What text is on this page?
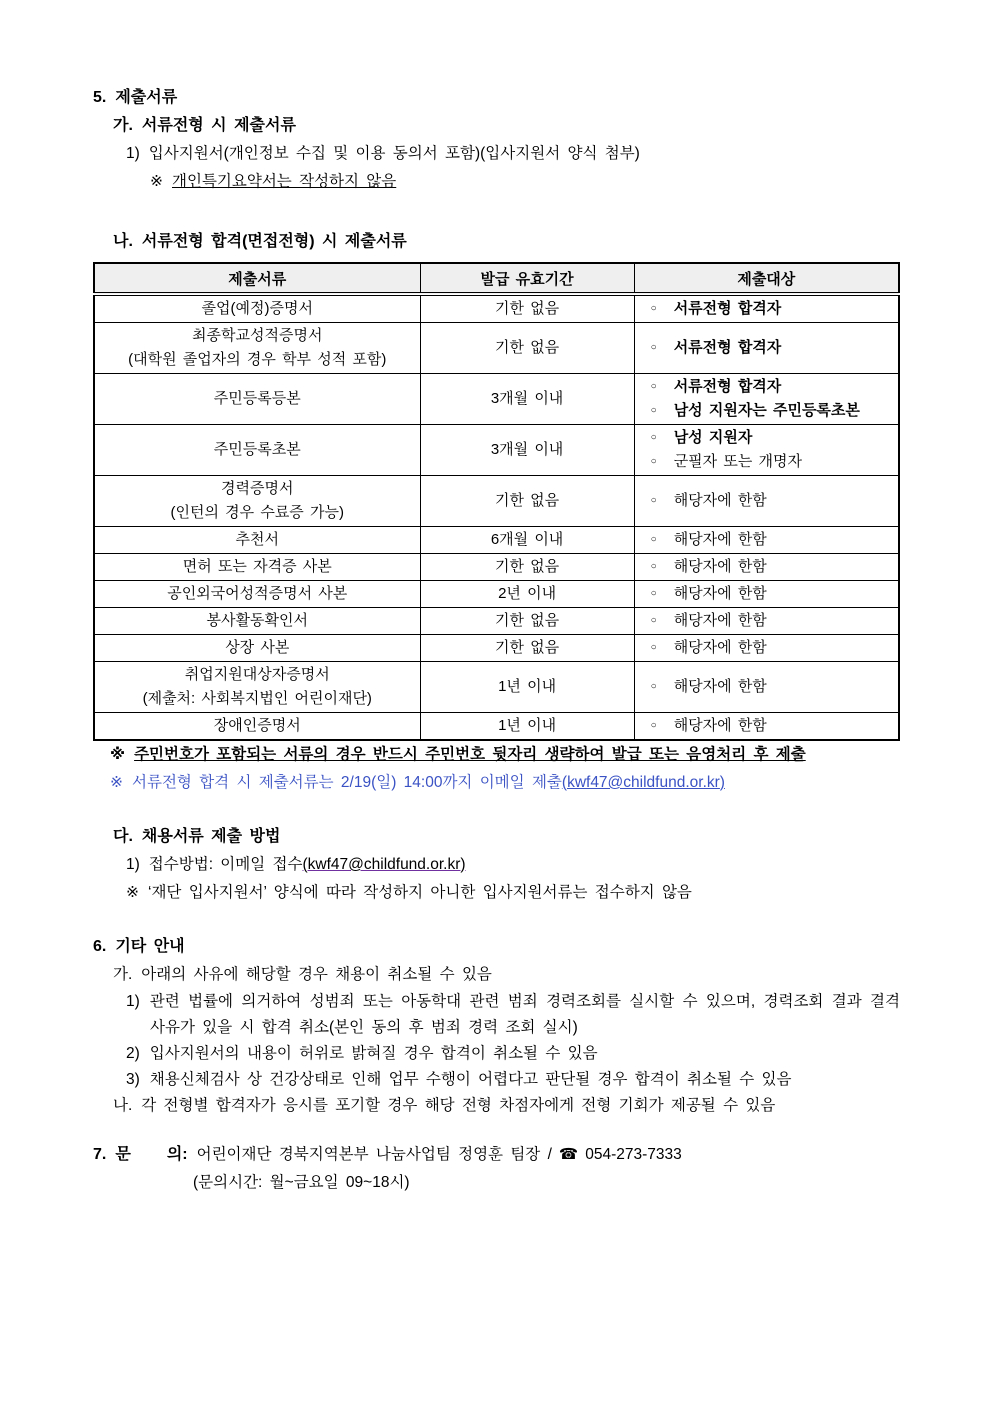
5. 제출서류
가. 서류전형 시 제출서류
1) 입사지원서(개인정보 수집 및 이용 동의서 포함)(입사지원서 양식 첨부)
※ 개인특기요약서는 작성하지 않음
나. 서류전형 합격(면접전형) 시 제출서류
제출서류	발급 유효기간	제출대상

졸업(예정)증명서	기한 없음	○ 서류전형 합격자

최종학교성적증명서
(대학원 졸업자의 경우 학부 성적 포함)
	기한 없음	○ 서류전형 합격자

주민등록등본	3개월 이내	○ 서류전형 합격자
○ 남성 지원자는 주민등록초본

주민등록초본	3개월 이내	○ 남성 지원자
○ 군필자 또는 개명자

경력증명서
(인턴의 경우 수료증 가능)
	기한 없음	○ 해당자에 한함

추천서	6개월 이내	○ 해당자에 한함

면허 또는 자격증 사본	기한 없음	○ 해당자에 한함

공인외국어성적증명서 사본	2년 이내	○ 해당자에 한함

봉사활동확인서	기한 없음	○ 해당자에 한함

상장 사본	기한 없음	○ 해당자에 한함

취업지원대상자증명서
(제출처: 사회복지법인 어린이재단)
	1년 이내	○ 해당자에 한함

장애인증명서	1년 이내	○ 해당자에 한함
※ 주민번호가 포함되는 서류의 경우 반드시 주민번호 뒷자리 생략하여 발급 또는 음영처리 후 제출
※ 서류전형 합격 시 제출서류는 2/19(일) 14:00까지 이메일 제출(kwf47@childfund.or.kr)
다. 채용서류 제출 방법
1) 접수방법: 이메일 접수(kwf47@childfund.or.kr)
※ ‘재단 입사지원서’ 양식에 따라 작성하지 아니한 입사지원서류는 접수하지 않음
6. 기타 안내
가. 아래의 사유에 해당할 경우 채용이 취소될 수 있음
1) 관련 법률에 의거하여 성범죄 또는 아동학대 관련 범죄 경력조회를 실시할 수 있으며, 경력조회 결과 결격사유가 있을 시 합격 취소(본인 동의 후 범죄 경력 조회 실시)
2) 입사지원서의 내용이 허위로 밝혀질 경우 합격이 취소될 수 있음
3) 채용신체검사 상 건강상태로 인해 업무 수행이 어렵다고 판단될 경우 합격이 취소될 수 있음
나. 각 전형별 합격자가 응시를 포기할 경우 해당 전형 차점자에게 전형 기회가 제공될 수 있음
7. 문 의: 어린이재단 경북지역본부 나눔사업팀 정영훈 팀장 / ☎ 054-273-7333
(문의시간: 월~금요일 09~18시)
